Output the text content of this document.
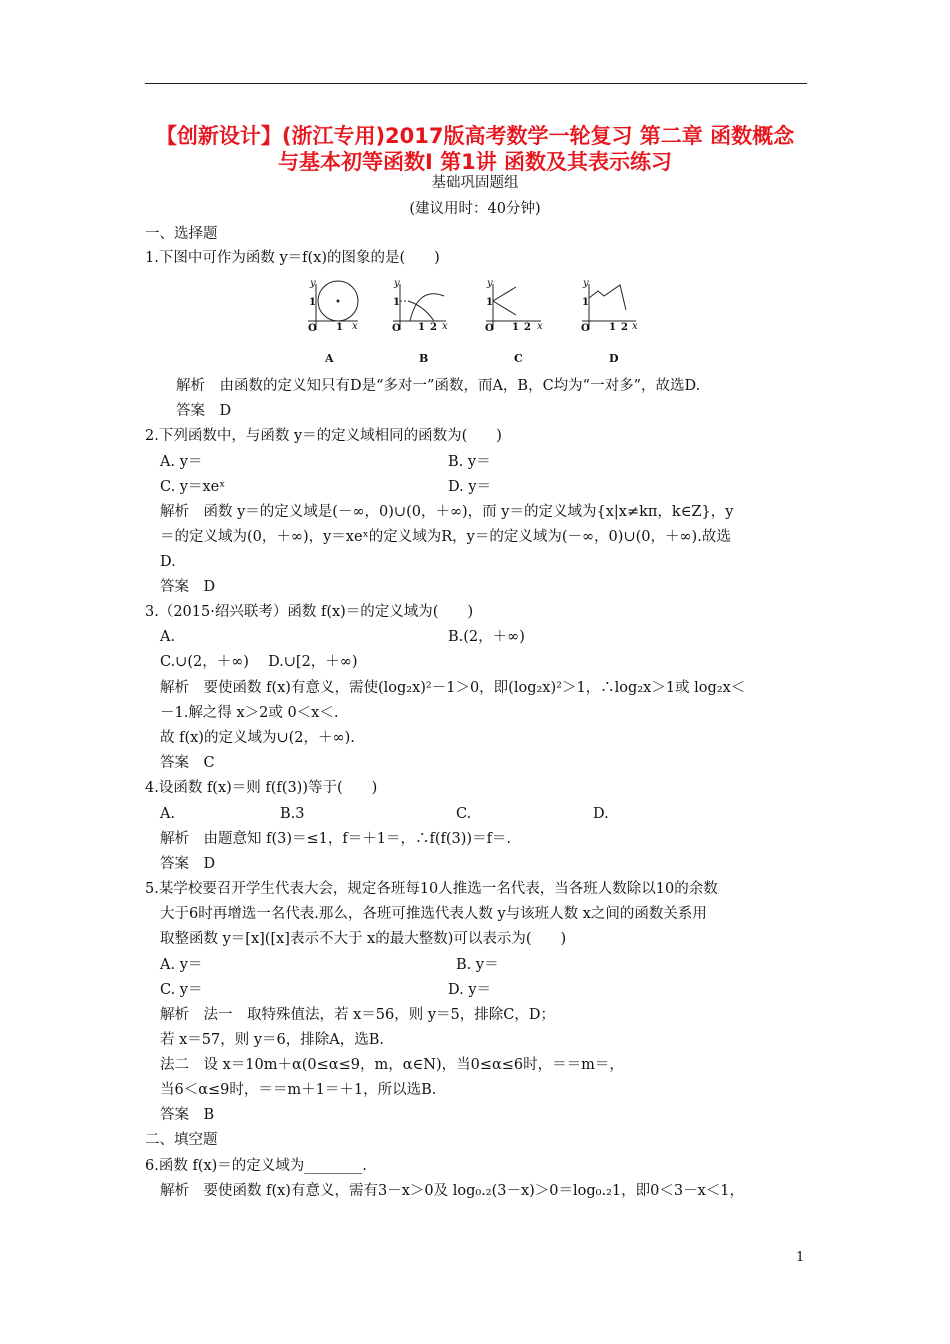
【创新设计】(浙江专用)2017版高考数学一轮复习 第二章 函数概念
与基本初等函数Ⅰ 第1讲 函数及其表示练习
基础巩固题组
(建议用时：40分钟)
一、选择题
1.下图中可作为函数 y＝f(x)的图象的是(　　)
y
x
y
x
y
x
y
x
O
1
1	O
1
1 2	O
1
1 2	O
1
1 2
A	B	C	D
解析　由函数的定义知只有D是“多对一”函数，而A，B，C均为“一对多”，故选D.
答案　D
2.下列函数中，与函数 y＝的定义域相同的函数为(　　)
A. y＝	B. y＝
C. y＝xeˣ	D. y＝
解析　函数 y＝的定义域是(－∞，0)∪(0，＋∞)，而 y＝的定义域为{x|x≠kπ，k∈Z}，y
＝的定义域为(0，＋∞)，y＝xeˣ的定义域为R，y＝的定义域为(－∞，0)∪(0，＋∞).故选
D.
答案　D
3.（2015·绍兴联考）函数 f(x)＝的定义域为(　　)
A.	B.(2，＋∞)
C.∪(2，＋∞)　 D.∪[2，＋∞)
解析　要使函数 f(x)有意义，需使(log₂x)²－1＞0，即(log₂x)²＞1，∴log₂x＞1或 log₂x＜
－1.解之得 x＞2或 0＜x＜.
故 f(x)的定义域为∪(2，＋∞).
答案　C
4.设函数 f(x)＝则 f(f(3))等于(　　)
A.	B.3	C.	D.
解析　由题意知 f(3)＝≤1，f＝＋1＝，∴f(f(3))＝f＝.
答案　D
5.某学校要召开学生代表大会，规定各班每10人推选一名代表，当各班人数除以10的余数
大于6时再增选一名代表.那么，各班可推选代表人数 y与该班人数 x之间的函数关系用
取整函数 y＝[x]([x]表示不大于 x的最大整数)可以表示为(　　)
A. y＝	B. y＝
C. y＝	D. y＝
解析　法一　取特殊值法，若 x＝56，则 y＝5，排除C，D；
若 x＝57，则 y＝6，排除A，选B.
法二　设 x＝10m＋α(0≤α≤9，m，α∈N)，当0≤α≤6时，＝＝m＝，
当6＜α≤9时，＝＝m＋1＝＋1，所以选B.
答案　B
二、填空题
6.函数 f(x)＝的定义域为________.
解析　要使函数 f(x)有意义，需有3－x＞0及 log₀.₂(3－x)＞0＝log₀.₂1，即0＜3－x＜1，
1
